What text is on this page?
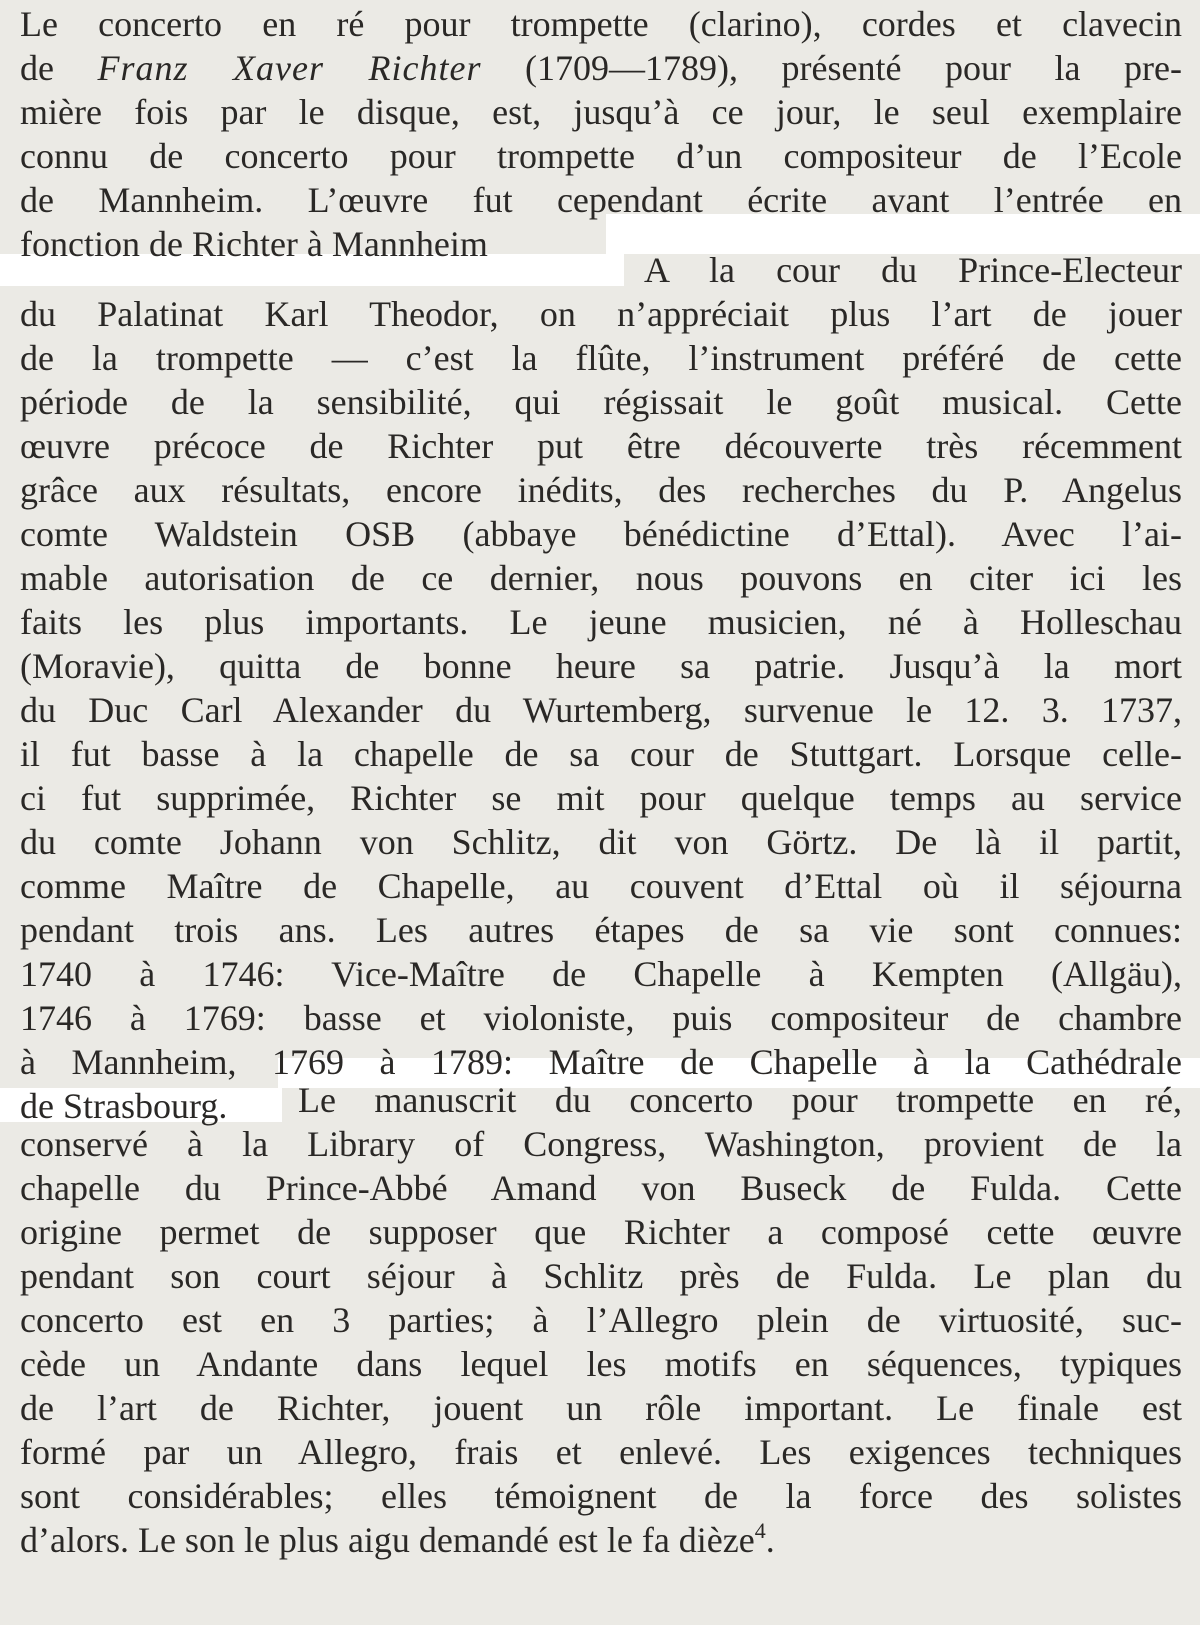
Le concerto en ré pour trompette (clarino), cordes et clavecin
de Franz Xaver Richter (1709—1789), présenté pour la pre-
mière fois par le disque, est, jusqu’à ce jour, le seul exemplaire
connu de concerto pour trompette d’un compositeur de l’Ecole
de Mannheim. L’œuvre fut cependant écrite avant l’entrée en
fonction de Richter à Mannheim
A la cour du Prince-Electeur
du Palatinat Karl Theodor, on n’appréciait plus l’art de jouer
de la trompette — c’est la flûte, l’instrument préféré de cette
période de la sensibilité, qui régissait le goût musical. Cette
œuvre précoce de Richter put être découverte très récemment
grâce aux résultats, encore inédits, des recherches du P. Angelus
comte Waldstein OSB (abbaye bénédictine d’Ettal). Avec l’ai-
mable autorisation de ce dernier, nous pouvons en citer ici les
faits les plus importants. Le jeune musicien, né à Holleschau
(Moravie), quitta de bonne heure sa patrie. Jusqu’à la mort
du Duc Carl Alexander du Wurtemberg, survenue le 12. 3. 1737,
il fut basse à la chapelle de sa cour de Stuttgart. Lorsque celle-
ci fut supprimée, Richter se mit pour quelque temps au service
du comte Johann von Schlitz, dit von Görtz. De là il partit,
comme Maître de Chapelle, au couvent d’Ettal où il séjourna
pendant trois ans. Les autres étapes de sa vie sont connues:
1740 à 1746: Vice-Maître de Chapelle à Kempten (Allgäu),
1746 à 1769: basse et violoniste, puis compositeur de chambre
à Mannheim, 1769 à 1789: Maître de Chapelle à la Cathédrale
de Strasbourg.	Le manuscrit du concerto pour trompette en ré,
conservé à la Library of Congress, Washington, provient de la
chapelle du Prince-Abbé Amand von Buseck de Fulda. Cette
origine permet de supposer que Richter a composé cette œuvre
pendant son court séjour à Schlitz près de Fulda. Le plan du
concerto est en 3 parties; à l’Allegro plein de virtuosité, suc-
cède un Andante dans lequel les motifs en séquences, typiques
de l’art de Richter, jouent un rôle important. Le finale est
formé par un Allegro, frais et enlevé. Les exigences techniques
sont considérables; elles témoignent de la force des solistes
d’alors. Le son le plus aigu demandé est le fa dièze$^4$.
